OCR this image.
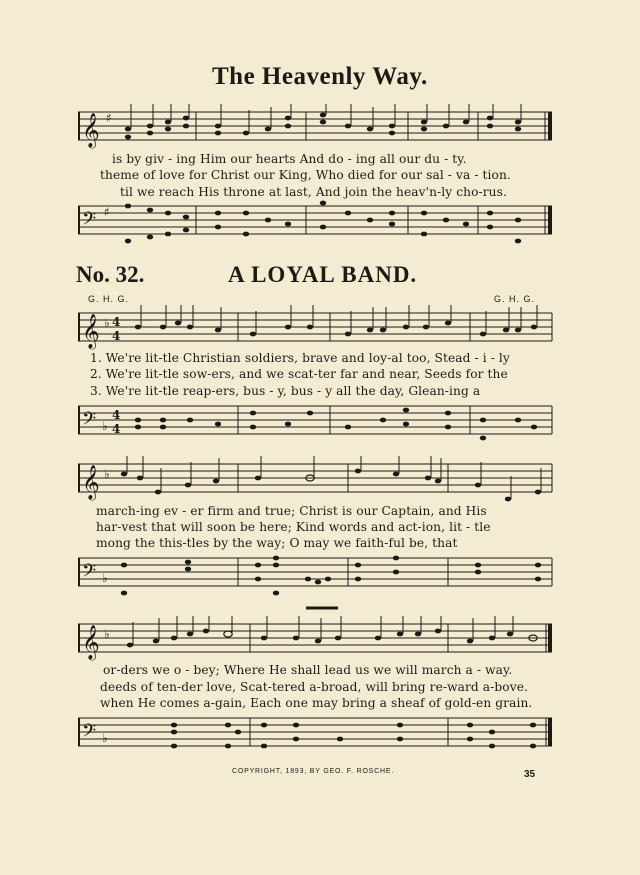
The Heavenly Way.
𝄞 ♯
is by giv - ing Him our hearts And do - ing all our du - ty.
theme of love for Christ our King, Who died for our sal - va - tion.
til we reach His throne at last, And join the heav'n-ly cho-rus.
𝄢 ♯
No. 32.	A LOYAL BAND.
G. H. G.	G. H. G.
𝄞 ♭ 4
4
1. We're lit-tle Christian soldiers, brave and loy-al too, Stead - i - ly
2. We're lit-tle sow-ers, and we scat-ter far and near, Seeds for the
3. We're lit-tle reap-ers, bus - y, bus - y all the day, Glean-ing a
𝄢 ♭
4
4
𝄞 ♭
march-ing ev - er firm and true; Christ is our Captain, and His
har-vest that will soon be here; Kind words and act-ion, lit - tle
mong the this-tles by the way; O may we faith-ful be, that
𝄢 ♭
𝄞 ♭
or-ders we o - bey; Where He shall lead us we will march a - way.
deeds of ten-der love, Scat-tered a-broad, will bring re-ward a-bove.
when He comes a-gain, Each one may bring a sheaf of gold-en grain.
𝄢 ♭
COPYRIGHT, 1893, BY GEO. F. ROSCHE.	35
